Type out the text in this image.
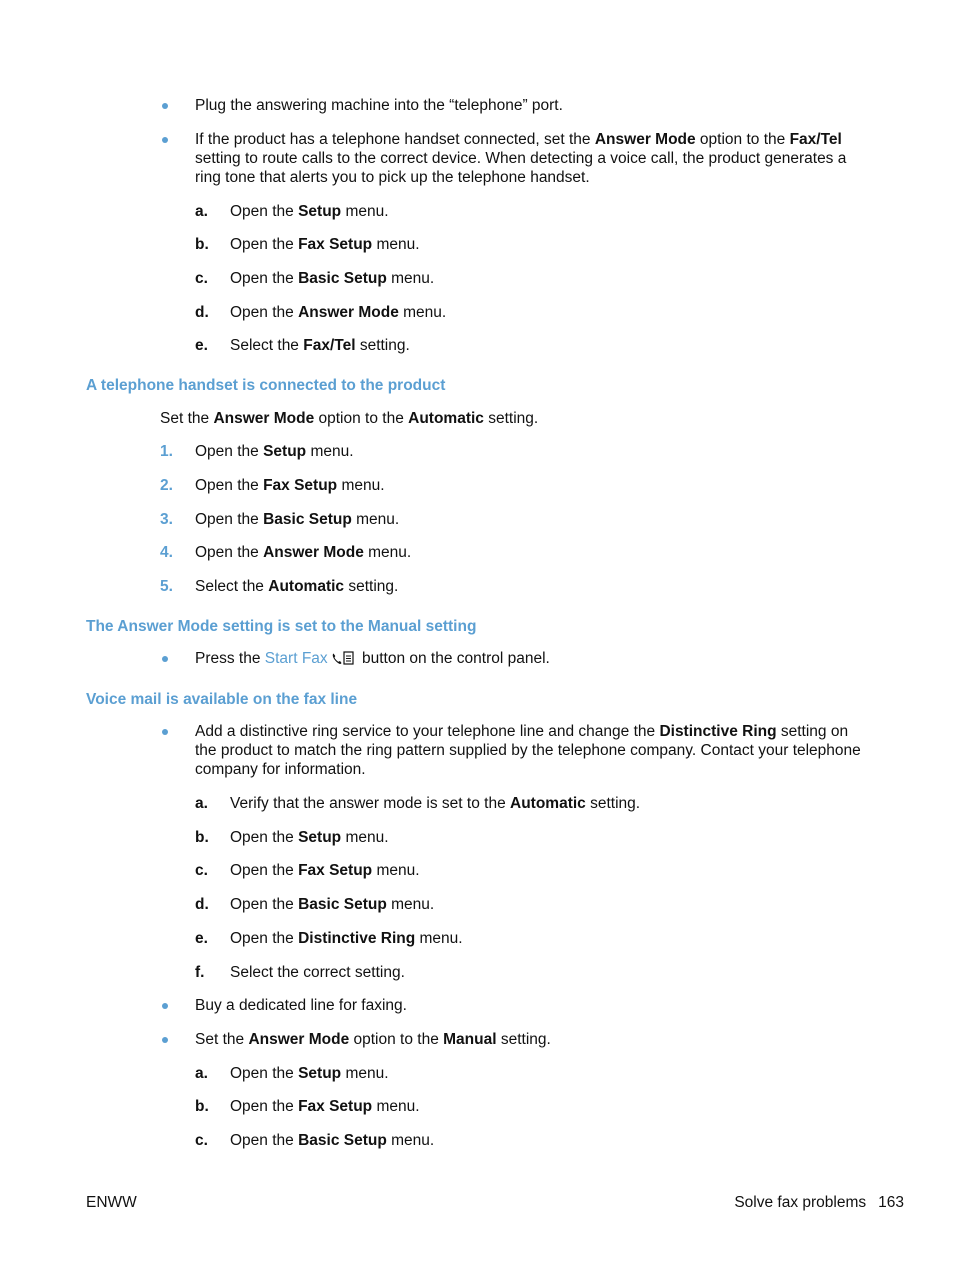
Plug the answering machine into the “telephone” port.
If the product has a telephone handset connected, set the Answer Mode option to the Fax/Tel
setting to route calls to the correct device. When detecting a voice call, the product generates a
ring tone that alerts you to pick up the telephone handset.
a. Open the Setup menu.
b. Open the Fax Setup menu.
c. Open the Basic Setup menu.
d. Open the Answer Mode menu.
e. Select the Fax/Tel setting.
A telephone handset is connected to the product
Set the Answer Mode option to the Automatic setting.
1. Open the Setup menu.
2. Open the Fax Setup menu.
3. Open the Basic Setup menu.
4. Open the Answer Mode menu.
5. Select the Automatic setting.
The Answer Mode setting is set to the Manual setting
Press the Start Fax button on the control panel.
Voice mail is available on the fax line
Add a distinctive ring service to your telephone line and change the Distinctive Ring setting on
the product to match the ring pattern supplied by the telephone company. Contact your telephone
company for information.
a. Verify that the answer mode is set to the Automatic setting.
b. Open the Setup menu.
c. Open the Fax Setup menu.
d. Open the Basic Setup menu.
e. Open the Distinctive Ring menu.
f. Select the correct setting.
Buy a dedicated line for faxing.
Set the Answer Mode option to the Manual setting.
a. Open the Setup menu.
b. Open the Fax Setup menu.
c. Open the Basic Setup menu.
ENWW	Solve fax problems 163
